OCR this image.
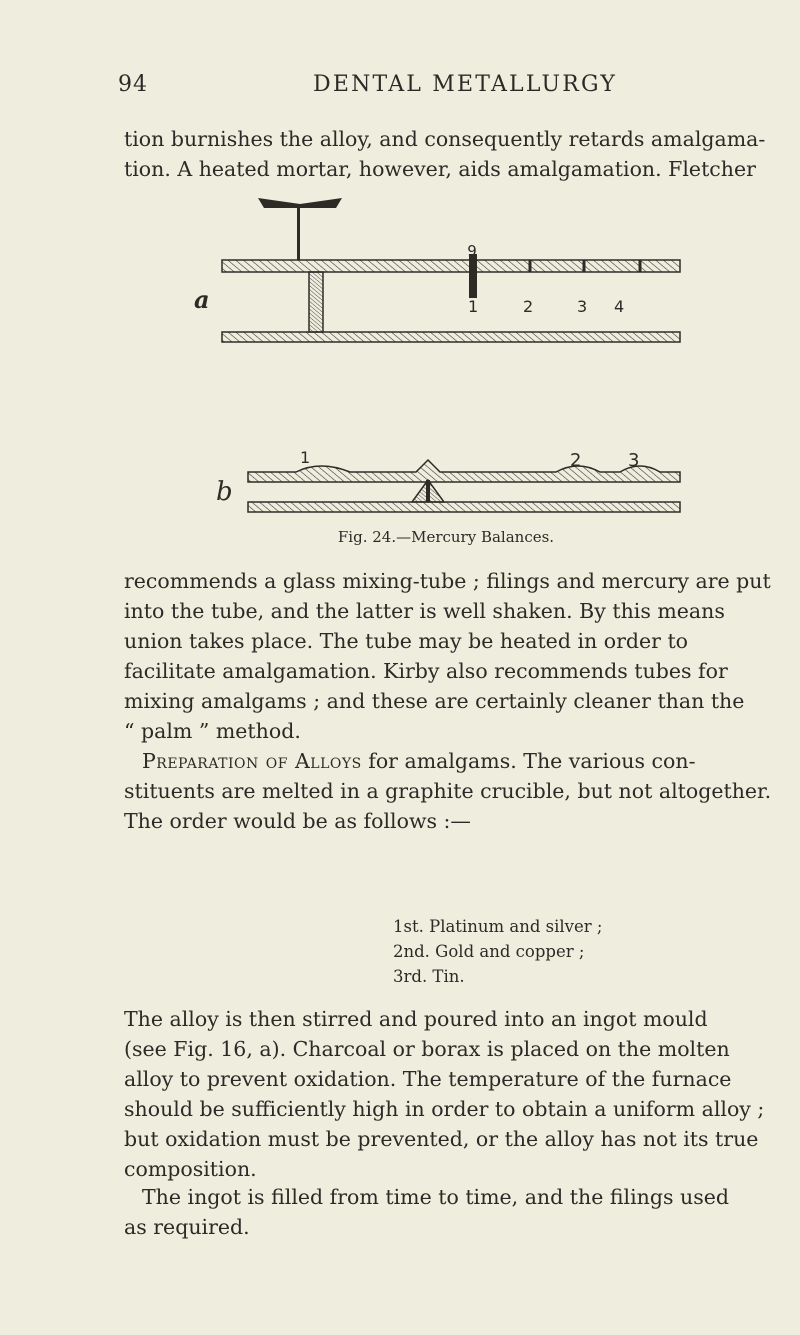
94	DENTAL METALLURGY
tion burnishes the alloy, and consequently retards amalgama-
tion. A heated mortar, however, aids amalgamation. Fletcher
9
a	1	2	3 4
1	2	3
b
Fig. 24.—Mercury Balances.
recommends a glass mixing-tube ; filings and mercury are put
into the tube, and the latter is well shaken. By this means
union takes place. The tube may be heated in order to
facilitate amalgamation. Kirby also recommends tubes for
mixing amalgams ; and these are certainly cleaner than the
“ palm ” method.
Preparation of Alloys for amalgams. The various con-
stituents are melted in a graphite crucible, but not altogether.
The order would be as follows :—
1st. Platinum and silver ;
2nd. Gold and copper ;
3rd. Tin.
The alloy is then stirred and poured into an ingot mould
(see Fig. 16, a). Charcoal or borax is placed on the molten
alloy to prevent oxidation. The temperature of the furnace
should be sufficiently high in order to obtain a uniform alloy ;
but oxidation must be prevented, or the alloy has not its true
composition.
The ingot is filled from time to time, and the filings used
as required.
